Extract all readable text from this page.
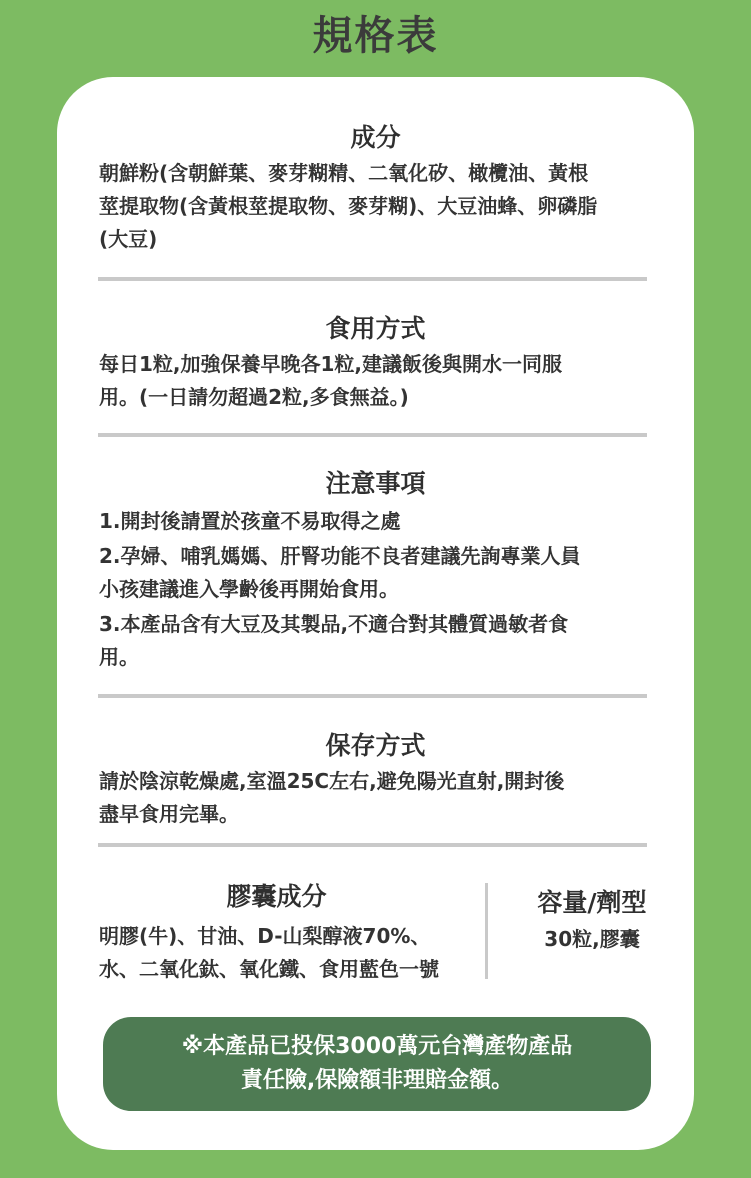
規格表
成分
朝鮮粉(含朝鮮葉、麥芽糊精、二氧化矽、橄欖油、黃根
莖提取物(含黃根莖提取物、麥芽糊)、大豆油蜂、卵磷脂
(大豆)
食用方式
每日1粒,加強保養早晚各1粒,建議飯後與開水一同服
用。(一日請勿超過2粒,多食無益。)
注意事項
1.開封後請置於孩童不易取得之處
2.孕婦、哺乳媽媽、肝腎功能不良者建議先詢專業人員
小孩建議進入學齡後再開始食用。
3.本產品含有大豆及其製品,不適合對其體質過敏者食
用。
保存方式
請於陰涼乾燥處,室溫25C左右,避免陽光直射,開封後
盡早食用完畢。
膠囊成分
明膠(牛)、甘油、D-山梨醇液70%、
水、二氧化鈦、氧化鐵、食用藍色一號
容量/劑型
30粒,膠囊
※本產品已投保3000萬元台灣產物產品
責任險,保險額非理賠金額。
